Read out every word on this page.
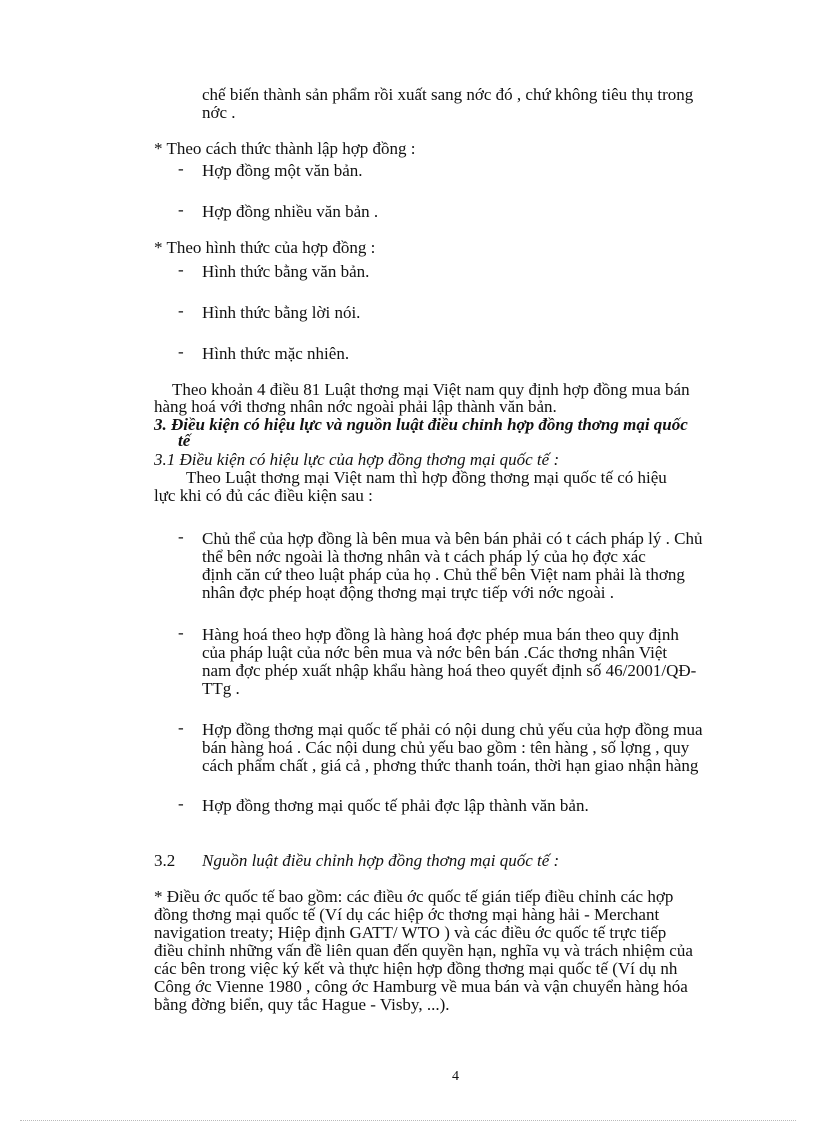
chế biến thành sản phẩm rồi xuất sang nớc đó , chứ không tiêu thụ trong
nớc .
* Theo cách thức thành lập hợp đồng :
- Hợp đồng một văn bản.
- Hợp đồng nhiều văn bản .
* Theo hình thức của hợp đồng :
- Hình thức bằng văn bản.
- Hình thức bằng lời nói.
- Hình thức mặc nhiên.
Theo khoản 4 điều 81 Luật thơng mại Việt nam quy định hợp đồng mua bán
hàng hoá với thơng nhân nớc ngoài phải lập thành văn bản.
3. Điều kiện có hiệu lực và nguồn luật điều chỉnh hợp đồng thơng mại quốc
tế
3.1 Điều kiện có hiệu lực của hợp đồng thơng mại quốc tế :
Theo Luật thơng mại Việt nam thì hợp đồng thơng mại quốc tế có hiệu
lực khi có đủ các điều kiện sau :
- Chủ thể của hợp đồng là bên mua và bên bán phải có t cách pháp lý . Chủ
thể bên nớc ngoài là thơng nhân và t cách pháp lý của họ đợc xác
định căn cứ theo luật pháp của họ . Chủ thể bên Việt nam phải là thơng
nhân đợc phép hoạt động thơng mại trực tiếp với nớc ngoài .
- Hàng hoá theo hợp đồng là hàng hoá đợc phép mua bán theo quy định
của pháp luật của nớc bên mua và nớc bên bán .Các thơng nhân Việt
nam đợc phép xuất nhập khẩu hàng hoá theo quyết định số 46/2001/QĐ-
TTg .
- Hợp đồng thơng mại quốc tế phải có nội dung chủ yếu của hợp đồng mua
bán hàng hoá . Các nội dung chủ yếu bao gồm : tên hàng , số lợng , quy
cách phẩm chất , giá cả , phơng thức thanh toán, thời hạn giao nhận hàng
- Hợp đồng thơng mại quốc tế phải đợc lập thành văn bản.
3.2 Nguồn luật điều chỉnh hợp đồng thơng mại quốc tế :
* Điều ớc quốc tế bao gồm: các điều ớc quốc tế gián tiếp điều chỉnh các hợp
đồng thơng mại quốc tế (Ví dụ các hiệp ớc thơng mại hàng hải - Merchant
navigation treaty; Hiệp định GATT/ WTO ) và các điều ớc quốc tế trực tiếp
điều chỉnh những vấn đề liên quan đến quyền hạn, nghĩa vụ và trách nhiệm của
các bên trong việc ký kết và thực hiện hợp đồng thơng mại quốc tế (Ví dụ nh
Công ớc Vienne 1980 , công ớc Hamburg về mua bán và vận chuyển hàng hóa
bằng đờng biển, quy tắc Hague - Visby, ...).
4
